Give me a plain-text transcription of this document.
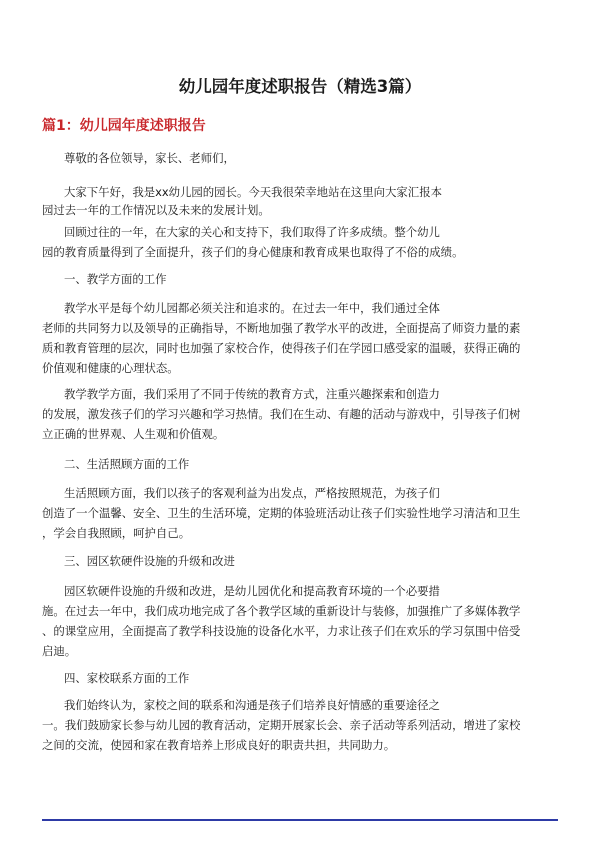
幼儿园年度述职报告（精选3篇）
篇1：幼儿园年度述职报告
尊敬的各位领导，家长、老师们，
大家下午好，我是xx幼儿园的园长。今天我很荣幸地站在这里向大家汇报本
园过去一年的工作情况以及未来的发展计划。
回顾过往的一年，在大家的关心和支持下，我们取得了许多成绩。整个幼儿
园的教育质量得到了全面提升，孩子们的身心健康和教育成果也取得了不俗的成绩。
一、教学方面的工作
教学水平是每个幼儿园都必须关注和追求的。在过去一年中，我们通过全体
老师的共同努力以及领导的正确指导，不断地加强了教学水平的改进，全面提高了师资力量的素
质和教育管理的层次，同时也加强了家校合作，使得孩子们在学园口感受家的温暖，获得正确的
价值观和健康的心理状态。
教学教学方面，我们采用了不同于传统的教育方式，注重兴趣探索和创造力
的发展，激发孩子们的学习兴趣和学习热情。我们在生动、有趣的活动与游戏中，引导孩子们树
立正确的世界观、人生观和价值观。
二、生活照顾方面的工作
生活照顾方面，我们以孩子的客观利益为出发点，严格按照规范，为孩子们
创造了一个温馨、安全、卫生的生活环境，定期的体验班活动让孩子们实验性地学习清洁和卫生
，学会自我照顾，呵护自己。
三、园区软硬件设施的升级和改进
园区软硬件设施的升级和改进，是幼儿园优化和提高教育环境的一个必要措
施。在过去一年中，我们成功地完成了各个教学区域的重新设计与装修，加强推广了多媒体教学
、的课堂应用，全面提高了教学科技设施的设备化水平，力求让孩子们在欢乐的学习氛围中倍受
启迪。
四、家校联系方面的工作
我们始终认为，家校之间的联系和沟通是孩子们培养良好情感的重要途径之
一。我们鼓励家长参与幼儿园的教育活动，定期开展家长会、亲子活动等系列活动，增进了家校
之间的交流，使园和家在教育培养上形成良好的职责共担，共同助力。
